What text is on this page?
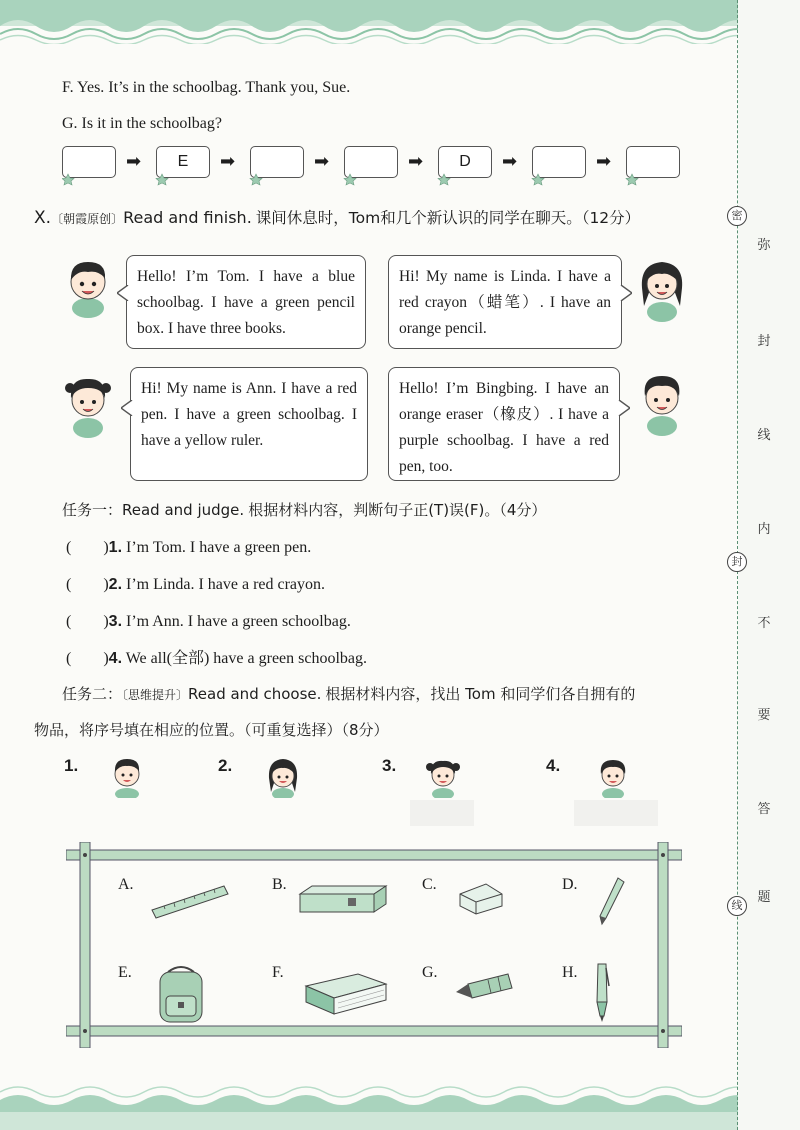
弥
封
线
内
不
要
答
题
密
封
线
F. Yes. It’s in the schoolbag. Thank you, Sue.
G. Is it in the schoolbag?
➡	E	➡	➡	➡	D	➡	➡
X.〔朝霞原创〕Read and finish. 课间休息时，Tom和几个新认识的同学在聊天。（12分）
Hello! I’m Tom. I have a blue schoolbag. I have a green pencil box. I have three books.
Hi! My name is Linda. I have a red crayon（蜡笔）. I have an orange pencil.
Hi! My name is Ann. I have a red pen. I have a green schoolbag. I have a yellow ruler.
Hello! I’m Bingbing. I have an orange eraser（橡皮）. I have a purple schoolbag. I have a red pen, too.
任务一：Read and judge. 根据材料内容，判断句子正(T)误(F)。（4分）
(　　)1. I’m Tom. I have a green pen.
(　　)2. I’m Linda. I have a red crayon.
(　　)3. I’m Ann. I have a green schoolbag.
(　　)4. We all(全部) have a green schoolbag.
任务二：〔思维提升〕Read and choose. 根据材料内容，找出 Tom 和同学们各自拥有的
物品，将序号填在相应的位置。（可重复选择）（8分）
1.	2.	3.	4.
A.	B.	C.	D.
E.	F.	G.	H.
